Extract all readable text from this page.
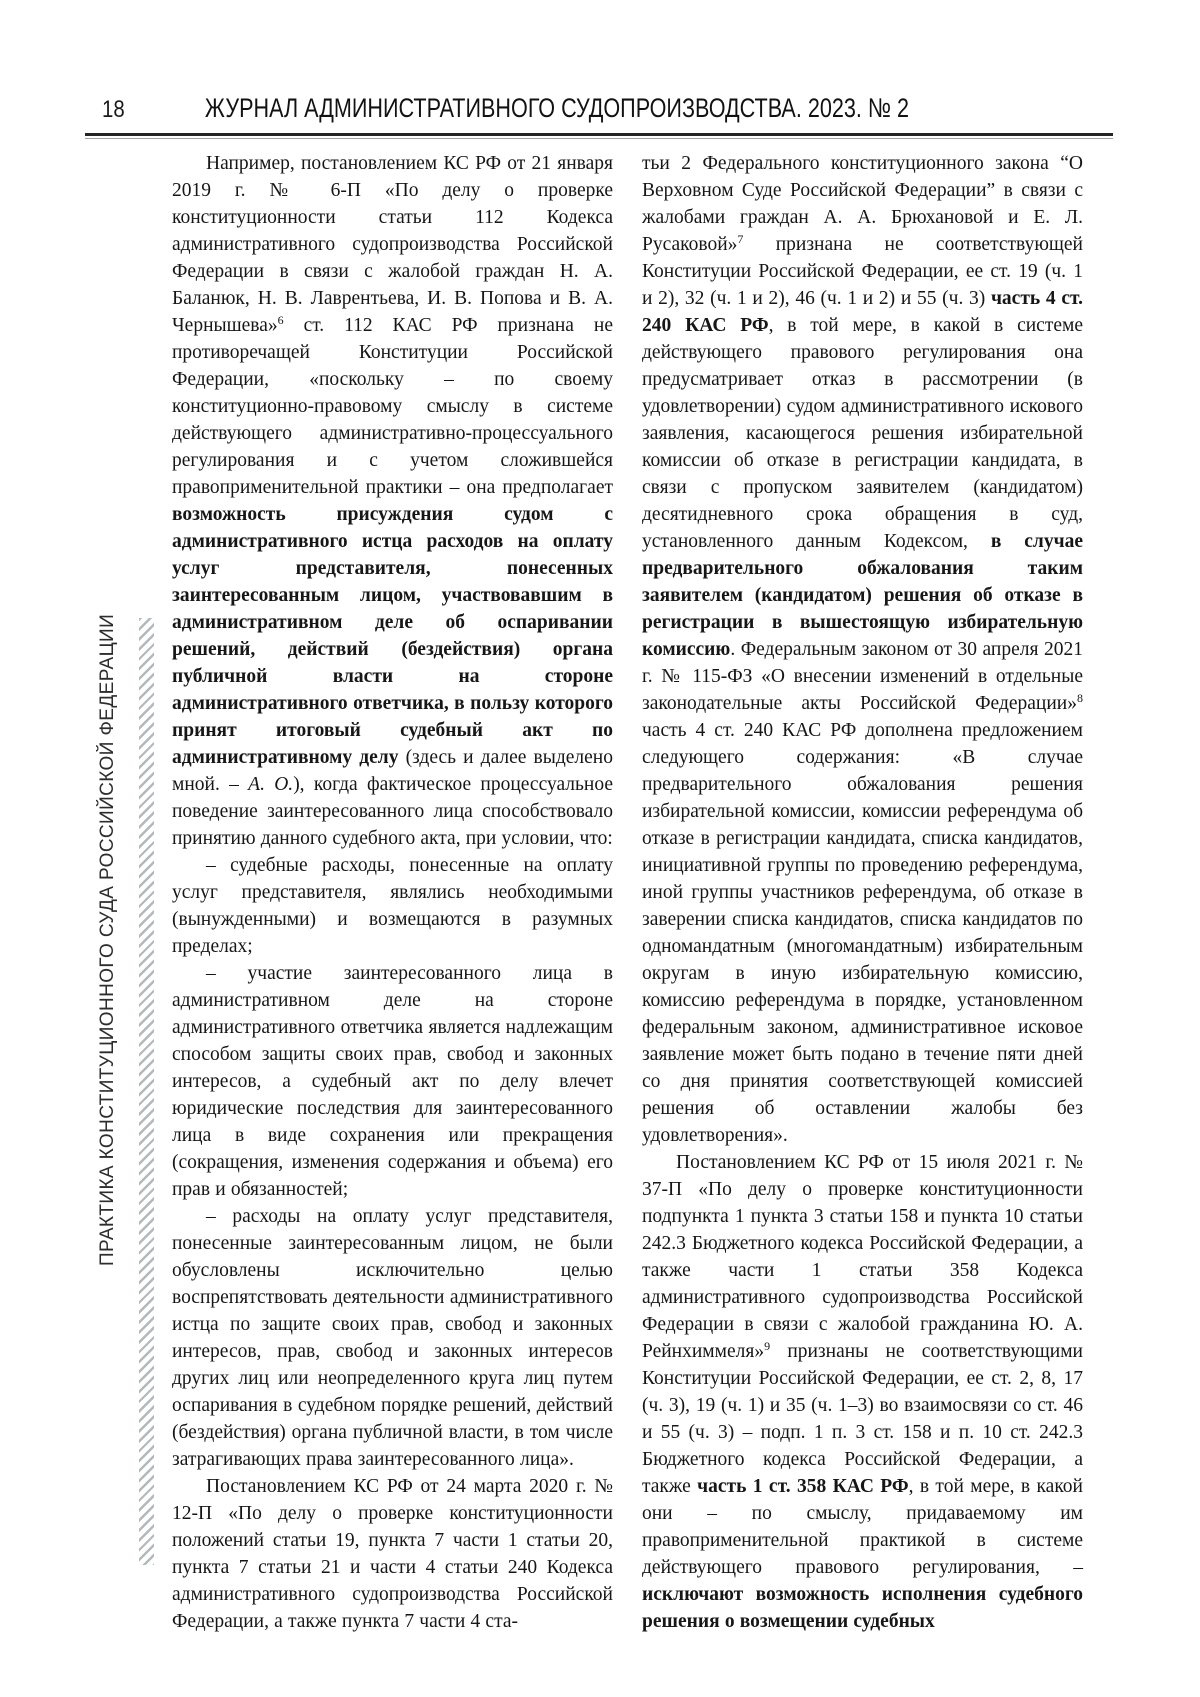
18	ЖУРНАЛ АДМИНИСТРАТИВНОГО СУДОПРОИЗВОДСТВА. 2023. № 2
ПРАКТИКА КОНСТИТУЦИОННОГО СУДА РОССИЙСКОЙ ФЕДЕРАЦИИ

Например, постановлением КС РФ от 21 января 2019 г. № 6-П «По делу о проверке конституционности статьи 112 Кодекса административного судопроизводства Российской Федерации в связи с жалобой граждан Н. А. Баланюк, Н. В. Лаврентьева, И. В. Попова и В. А. Чернышева»$^6$ ст. 112 КАС РФ признана не противоречащей Конституции Российской Федерации, «поскольку – по своему конституционно-правовому смыслу в системе действующего административно-процессуального регулирования и с учетом сложившейся правоприменительной практики – она предполагает возможность присуждения судом с административного истца расходов на оплату услуг представителя, понесенных заинтересованным лицом, участвовавшим в административном деле об оспаривании решений, действий (бездействия) органа публичной власти на стороне административного ответчика, в пользу которого принят итоговый судебный акт по административному делу (здесь и далее выделено мной. – А. О.), когда фактическое процессуальное поведение заинтересованного лица способствовало принятию данного судебного акта, при условии, что:

– судебные расходы, понесенные на оплату услуг представителя, являлись необходимыми (вынужденными) и возмещаются в разумных пределах;

– участие заинтересованного лица в административном деле на стороне административного ответчика является надлежащим способом защиты своих прав, свобод и законных интересов, а судебный акт по делу влечет юридические последствия для заинтересованного лица в виде сохранения или прекращения (сокращения, изменения содержания и объема) его прав и обязанностей;

– расходы на оплату услуг представителя, понесенные заинтересованным лицом, не были обусловлены исключительно целью воспрепятствовать деятельности административного истца по защите своих прав, свобод и законных интересов, прав, свобод и законных интересов других лиц или неопределенного круга лиц путем оспаривания в судебном порядке решений, действий (бездействия) органа публичной власти, в том числе затрагивающих права заинтересованного лица».

Постановлением КС РФ от 24 марта 2020 г. № 12-П «По делу о проверке конституционности положений статьи 19, пункта 7 части 1 статьи 20, пункта 7 статьи 21 и части 4 статьи 240 Кодекса административного судопроизводства Российской Федерации, а также пункта 7 части 4 ста-

тьи 2 Федерального конституционного закона “О Верховном Суде Российской Федерации” в связи с жалобами граждан А. А. Брюхановой и Е. Л. Русаковой»$^7$ признана не соответствующей Конституции Российской Федерации, ее ст. 19 (ч. 1 и 2), 32 (ч. 1 и 2), 46 (ч. 1 и 2) и 55 (ч. 3) часть 4 ст. 240 КАС РФ, в той мере, в какой в системе действующего правового регулирования она предусматривает отказ в рассмотрении (в удовлетворении) судом административного искового заявления, касающегося решения избирательной комиссии об отказе в регистрации кандидата, в связи с пропуском заявителем (кандидатом) десятидневного срока обращения в суд, установленного данным Кодексом, в случае предварительного обжалования таким заявителем (кандидатом) решения об отказе в регистрации в вышестоящую избирательную комиссию. Федеральным законом от 30 апреля 2021 г. № 115-ФЗ «О внесении изменений в отдельные законодательные акты Российской Федерации»$^8$ часть 4 ст. 240 КАС РФ дополнена предложением следующего содержания: «В случае предварительного обжалования решения избирательной комиссии, комиссии референдума об отказе в регистрации кандидата, списка кандидатов, инициативной группы по проведению референдума, иной группы участников референдума, об отказе в заверении списка кандидатов, списка кандидатов по одномандатным (многомандатным) избирательным округам в иную избирательную комиссию, комиссию референдума в порядке, установленном федеральным законом, административное исковое заявление может быть подано в течение пяти дней со дня принятия соответствующей комиссией решения об оставлении жалобы без удовлетворения».

Постановлением КС РФ от 15 июля 2021 г. № 37-П «По делу о проверке конституционности подпункта 1 пункта 3 статьи 158 и пункта 10 статьи 242.3 Бюджетного кодекса Российской Федерации, а также части 1 статьи 358 Кодекса административного судопроизводства Российской Федерации в связи с жалобой гражданина Ю. А. Рейнхиммеля»$^9$ признаны не соответствующими Конституции Российской Федерации, ее ст. 2, 8, 17 (ч. 3), 19 (ч. 1) и 35 (ч. 1–3) во взаимосвязи со ст. 46 и 55 (ч. 3) – подп. 1 п. 3 ст. 158 и п. 10 ст. 242.3 Бюджетного кодекса Российской Федерации, а также часть 1 ст. 358 КАС РФ, в той мере, в какой они – по смыслу, придаваемому им правоприменительной практикой в системе действующего правового регулирования, – исключают возможность исполнения судебного решения о возмещении судебных
